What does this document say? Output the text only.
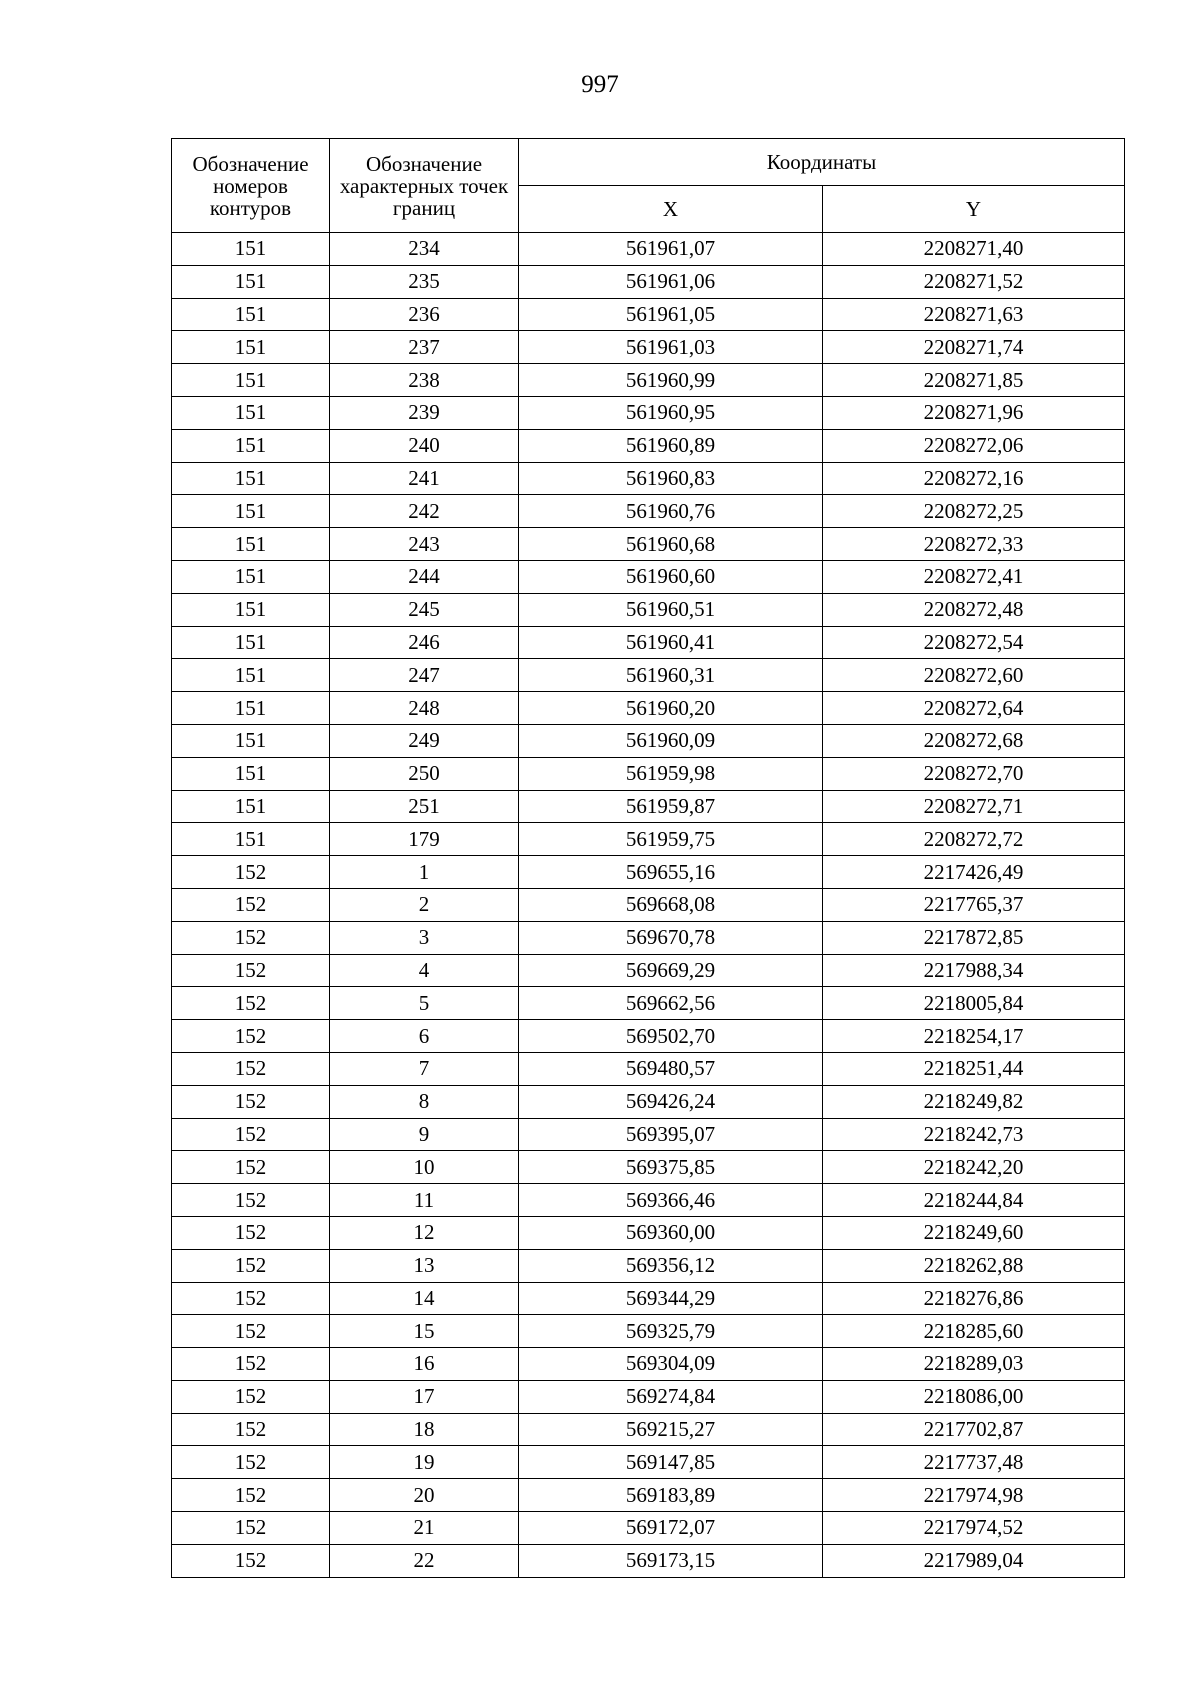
997
Обозначение номеров контуров	Обозначение характерных точек границ	Координаты	
		X	Y
151	234	561961,07	2208271,40
151	235	561961,06	2208271,52
151	236	561961,05	2208271,63
151	237	561961,03	2208271,74
151	238	561960,99	2208271,85
151	239	561960,95	2208271,96
151	240	561960,89	2208272,06
151	241	561960,83	2208272,16
151	242	561960,76	2208272,25
151	243	561960,68	2208272,33
151	244	561960,60	2208272,41
151	245	561960,51	2208272,48
151	246	561960,41	2208272,54
151	247	561960,31	2208272,60
151	248	561960,20	2208272,64
151	249	561960,09	2208272,68
151	250	561959,98	2208272,70
151	251	561959,87	2208272,71
151	179	561959,75	2208272,72
152	1	569655,16	2217426,49
152	2	569668,08	2217765,37
152	3	569670,78	2217872,85
152	4	569669,29	2217988,34
152	5	569662,56	2218005,84
152	6	569502,70	2218254,17
152	7	569480,57	2218251,44
152	8	569426,24	2218249,82
152	9	569395,07	2218242,73
152	10	569375,85	2218242,20
152	11	569366,46	2218244,84
152	12	569360,00	2218249,60
152	13	569356,12	2218262,88
152	14	569344,29	2218276,86
152	15	569325,79	2218285,60
152	16	569304,09	2218289,03
152	17	569274,84	2218086,00
152	18	569215,27	2217702,87
152	19	569147,85	2217737,48
152	20	569183,89	2217974,98
152	21	569172,07	2217974,52
152	22	569173,15	2217989,04
